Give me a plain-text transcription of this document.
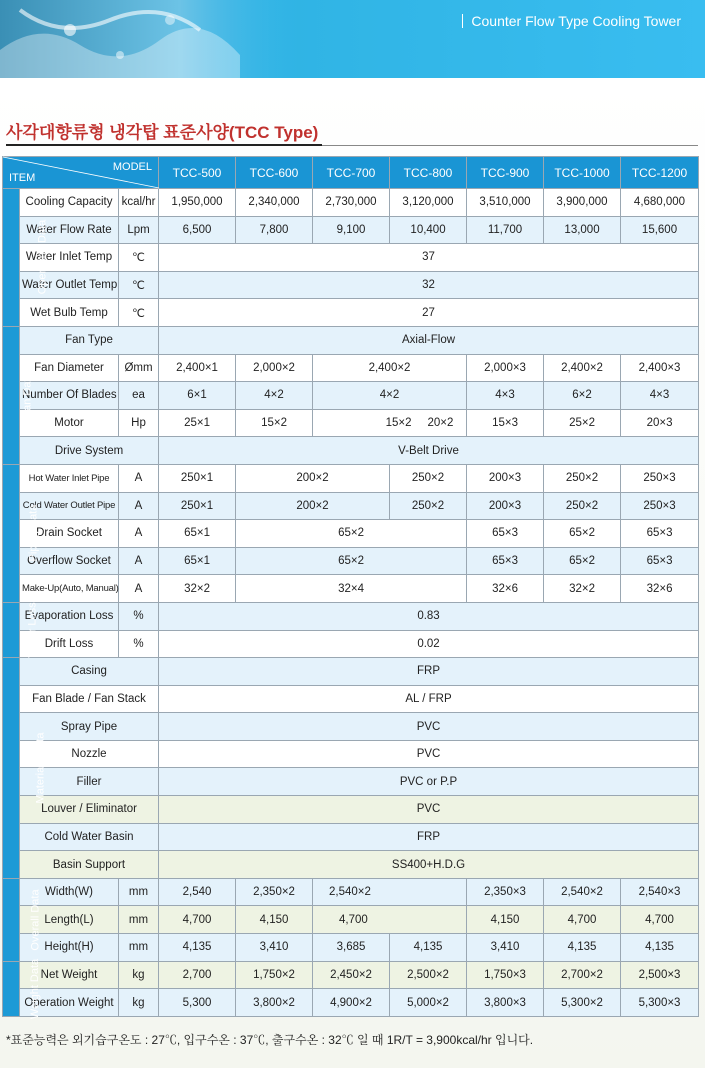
Counter Flow Type Cooling Tower
사각대향류형 냉각탑 표준사양(TCC Type)
MODEL
ITEM			TCC-500	TCC-600	TCC-700	TCC-800	TCC-900	TCC-1000	TCC-1200
Operating Data	Cooling Capacity	kcal/hr	1,950,000	2,340,000	2,730,000	3,120,000	3,510,000	3,900,000	4,680,000
	Water Flow Rate	Lpm	6,500	7,800	9,100	10,400	11,700	13,000	15,600
	Water Inlet Temp	℃	37						
	Water Outlet Temp	℃	32						
	Wet Bulb Temp	℃	27						
Fan Data	Fan Type		Axial-Flow						
	Fan Diameter	Ømm	2,400×1	2,000×2	2,400×2		2,000×3	2,400×2	2,400×3
	Number Of Blades	ea	6×1	4×2	4×2		4×3	6×2	4×3
	Motor	Hp	25×1	15×2	15×2 20×2		15×3	25×2	20×3
	Drive System		V-Belt Drive						
Piping Data	Hot Water Inlet Pipe	A	250×1	200×2		250×2	200×3	250×2	250×3
	Cold Water Outlet Pipe	A	250×1	200×2		250×2	200×3	250×2	250×3
	Drain Socket	A	65×1	65×2			65×3	65×2	65×3
	Overflow Socket	A	65×1	65×2			65×3	65×2	65×3
	Make-Up(Auto, Manual)	A	32×2	32×4			32×6	32×2	32×6
Water Loss	Evaporation Loss	%	0.83						
	Drift Loss	%	0.02						
Materials Data	Casing		FRP						
	Fan Blade / Fan Stack		AL / FRP						
	Spray Pipe		PVC						
	Nozzle		PVC						
	Filler		PVC or P.P						
	Louver / Eliminator		PVC						
	Cold Water Basin		FRP						
	Basin Support		SS400+H.D.G						
Overall Data	Width(W)	mm	2,540	2,350×2	2,540×2		2,350×3	2,540×2	2,540×3
	Length(L)	mm	4,700	4,150	4,700		4,150	4,700	4,700
	Height(H)	mm	4,135	3,410	3,685	4,135	3,410	4,135	4,135
Weight Data	Net Weight	kg	2,700	1,750×2	2,450×2	2,500×2	1,750×3	2,700×2	2,500×3
	Operation Weight	kg	5,300	3,800×2	4,900×2	5,000×2	3,800×3	5,300×2	5,300×3
*표준능력은 외기습구온도 : 27℃, 입구수온 : 37℃, 출구수온 : 32℃ 일 때 1R/T = 3,900kcal/hr 입니다.
